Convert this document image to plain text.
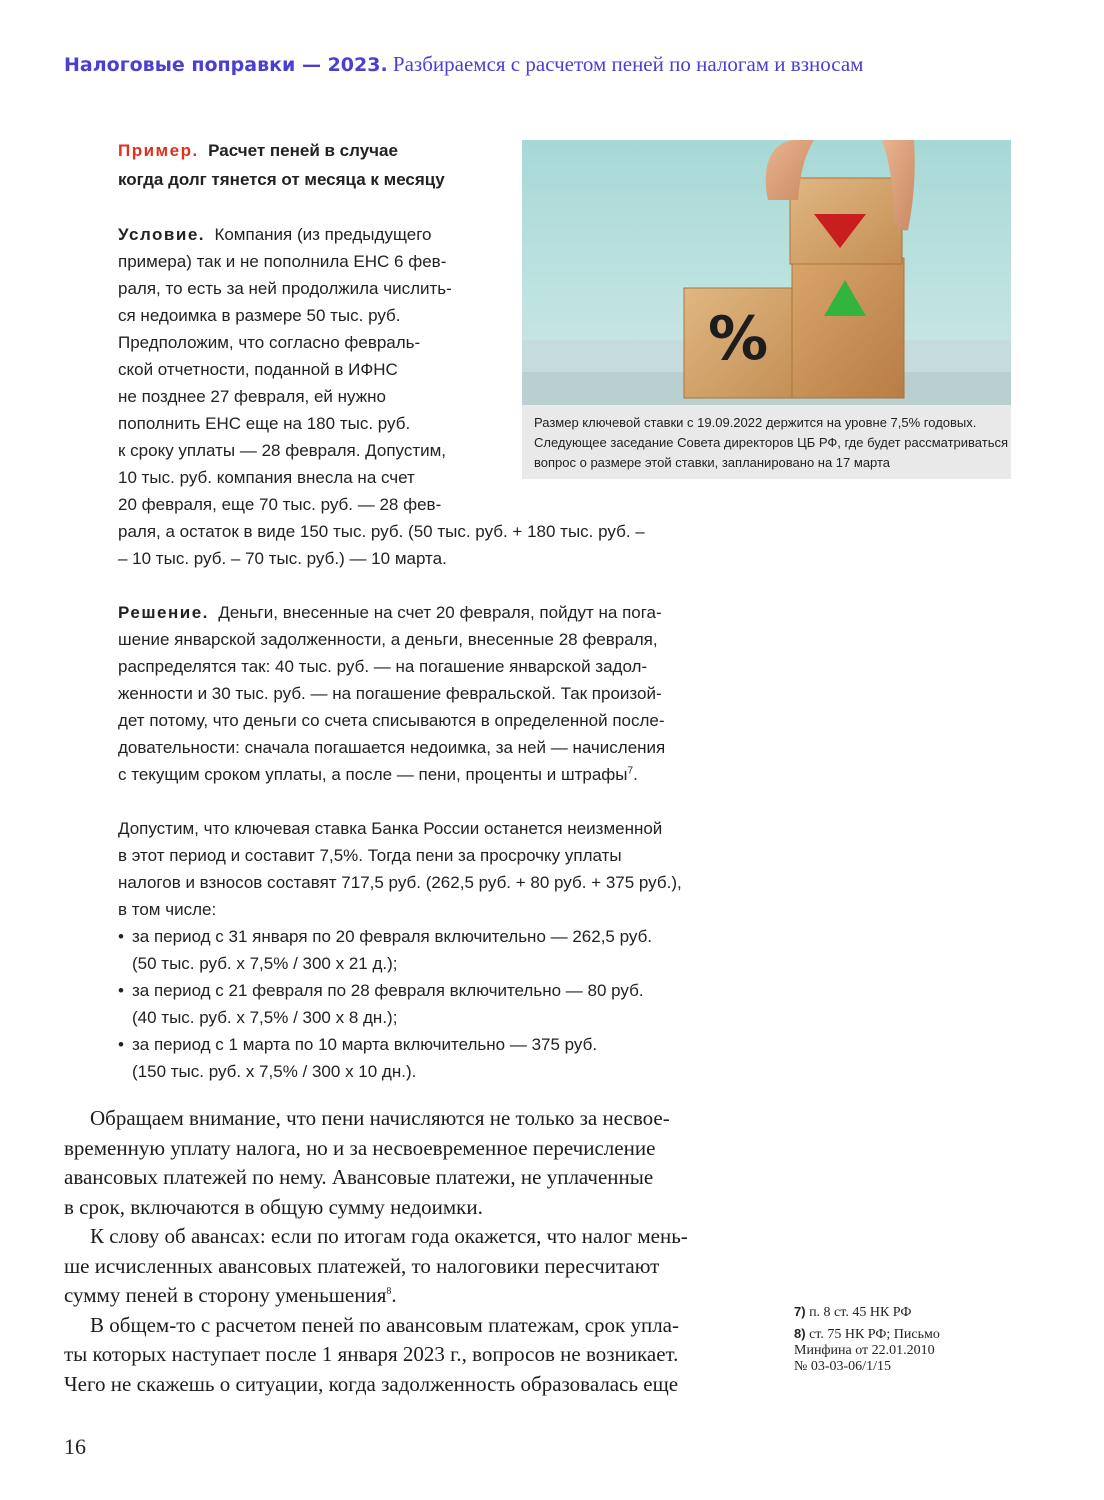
Налоговые поправки — 2023. Разбираемся с расчетом пеней по налогам и взносам
Пример. Расчет пеней в случае
когда долг тянется от месяца к месяцу
Условие. Компания (из предыдущего
примера) так и не пополнила ЕНС 6 фев-
раля, то есть за ней продолжила числить-
ся недоимка в размере 50 тыс. руб.
Предположим, что согласно февраль-
ской отчетности, поданной в ИФНС
не позднее 27 февраля, ей нужно
пополнить ЕНС еще на 180 тыс. руб.
к сроку уплаты — 28 февраля. Допустим,
10 тыс. руб. компания внесла на счет
20 февраля, еще 70 тыс. руб. — 28 фев-
раля, а остаток в виде 150 тыс. руб. (50 тыс. руб. + 180 тыс. руб. –
– 10 тыс. руб. – 70 тыс. руб.) — 10 марта.
Решение. Деньги, внесенные на счет 20 февраля, пойдут на пога-
шение январской задолженности, а деньги, внесенные 28 февраля,
распределятся так: 40 тыс. руб. — на погашение январской задол-
женности и 30 тыс. руб. — на погашение февральской. Так произой-
дет потому, что деньги со счета списываются в определенной после-
довательности: сначала погашается недоимка, за ней — начисления
с текущим сроком уплаты, а после — пени, проценты и штрафы$^7$.
Допустим, что ключевая ставка Банка России останется неизменной
в этот период и составит 7,5%. Тогда пени за просрочку уплаты
налогов и взносов составят 717,5 руб. (262,5 руб. + 80 руб. + 375 руб.),
в том числе:
• за период с 31 января по 20 февраля включительно — 262,5 руб.
(50 тыс. руб. х 7,5% / 300 х 21 д.);
• за период с 21 февраля по 28 февраля включительно — 80 руб.
(40 тыс. руб. х 7,5% / 300 х 8 дн.);
• за период с 1 марта по 10 марта включительно — 375 руб.
(150 тыс. руб. х 7,5% / 300 х 10 дн.).
%
Размер ключевой ставки с 19.09.2022 держится на уровне 7,5% годовых.
Следующее заседание Совета директоров ЦБ РФ, где будет рассматриваться
вопрос о размере этой ставки, запланировано на 17 марта
Обращаем внимание, что пени начисляются не только за несвое-
временную уплату налога, но и за несвоевременное перечисление
авансовых платежей по нему. Авансовые платежи, не уплаченные
в срок, включаются в общую сумму недоимки.
К слову об авансах: если по итогам года окажется, что налог мень-
ше исчисленных авансовых платежей, то налоговики пересчитают
сумму пеней в сторону уменьшения$^8$.
В общем-то с расчетом пеней по авансовым платежам, срок упла-
ты которых наступает после 1 января 2023 г., вопросов не возникает.
Чего не скажешь о ситуации, когда задолженность образовалась еще
7) п. 8 ст. 45 НК РФ
8) ст. 75 НК РФ; Письмо
Минфина от 22.01.2010
№ 03-03-06/1/15
16
